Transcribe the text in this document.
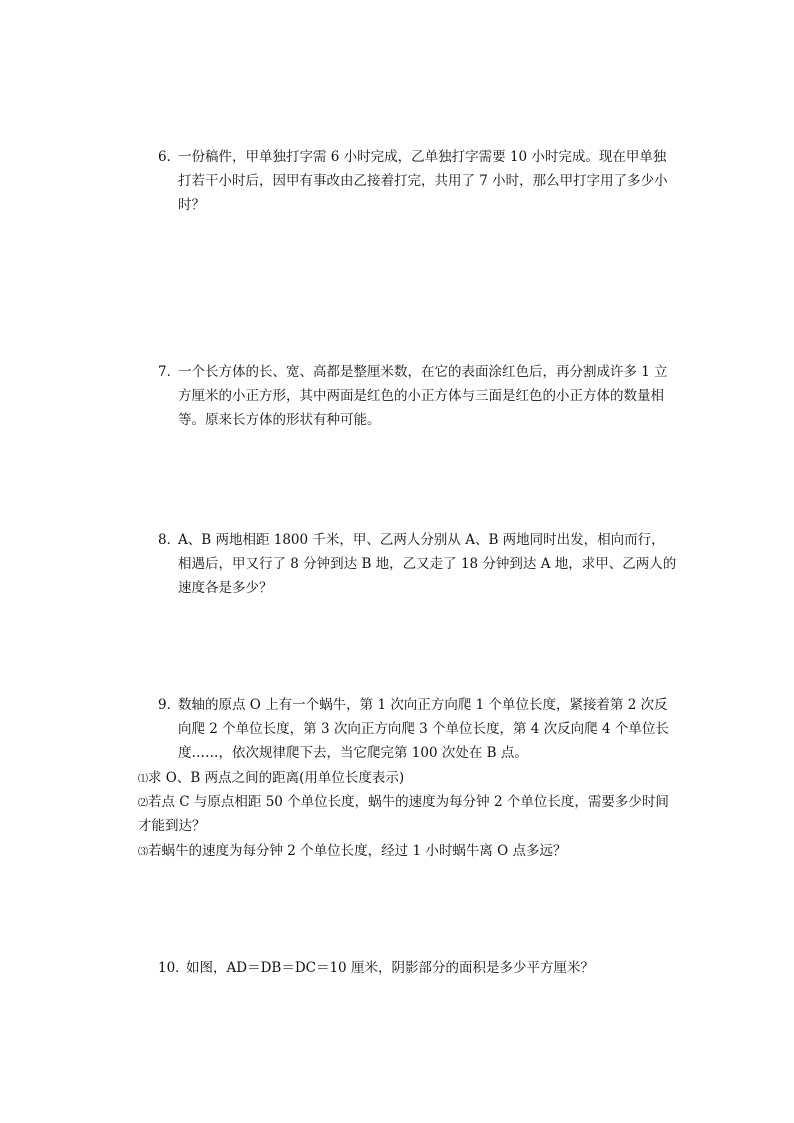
6．
一份稿件，甲单独打字需 6 小时完成，乙单独打字需要 10 小时完成。现在甲单独打若干小时后，因甲有事改由乙接着打完，共用了 7 小时，那么甲打字用了多少小时？
7．
一个长方体的长、宽、高都是整厘米数，在它的表面涂红色后，再分割成许多 1 立方厘米的小正方形，其中两面是红色的小正方体与三面是红色的小正方体的数量相等。原来长方体的形状有种可能。
8．
A、B 两地相距 1800 千米，甲、乙两人分别从 A、B 两地同时出发，相向而行，相遇后，甲又行了 8 分钟到达 B 地，乙又走了 18 分钟到达 A 地，求甲、乙两人的速度各是多少？
9．
数轴的原点 O 上有一个蜗牛，第 1 次向正方向爬 1 个单位长度，紧接着第 2 次反向爬 2 个单位长度，第 3 次向正方向爬 3 个单位长度，第 4 次反向爬 4 个单位长度……，依次规律爬下去，当它爬完第 100 次处在 B 点。
⑴求 O、B 两点之间的距离(用单位长度表示)
⑵若点 C 与原点相距 50 个单位长度，蜗牛的速度为每分钟 2 个单位长度，需要多少时间才能到达？
⑶若蜗牛的速度为每分钟 2 个单位长度，经过 1 小时蜗牛离 O 点多远？
10．
如图，AD＝DB＝DC＝10 厘米，阴影部分的面积是多少平方厘米？
